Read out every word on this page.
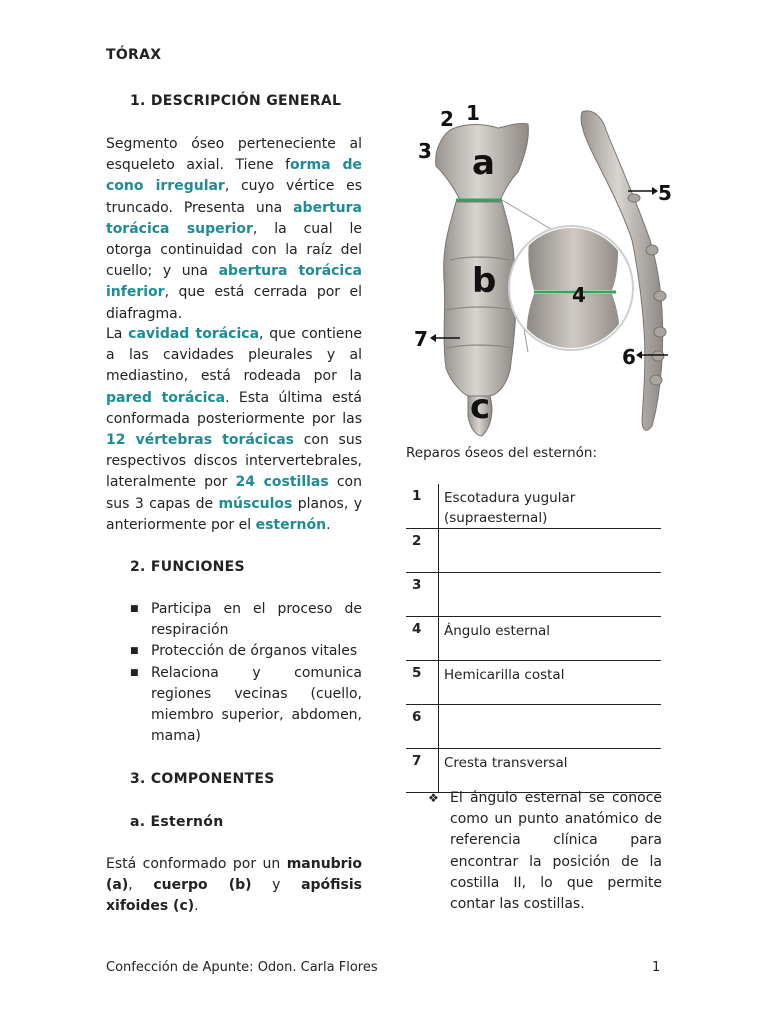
TÓRAX
1. DESCRIPCIÓN GENERAL
Segmento óseo perteneciente al esqueleto axial. Tiene forma de cono irregular, cuyo vértice es truncado. Presenta una abertura torácica superior, la cual le otorga continuidad con la raíz del cuello; y una abertura torácica inferior, que está cerrada por el diafragma.
La cavidad torácica, que contiene a las cavidades pleurales y al mediastino, está rodeada por la pared torácica. Esta última está conformada posteriormente por las 12 vértebras torácicas con sus respectivos discos intervertebrales, lateralmente por 24 costillas con sus 3 capas de músculos planos, y anteriormente por el esternón.
2. FUNCIONES
■ Participa en el proceso de respiración
■ Protección de órganos vitales
■ Relaciona y comunica regiones vecinas (cuello, miembro superior, abdomen, mama)
3. COMPONENTES
a. Esternón
Está conformado por un manubrio (a), cuerpo (b) y apófisis xifoides (c).
1
2
3 a
b
c
4
5
6
7
Reparos óseos del esternón:
1	Escotadura yugular (supraesternal)
2	
3	
4	Ángulo esternal
5	Hemicarilla costal
6	
7	Cresta transversal
❖ El ángulo esternal se conoce como un punto anatómico de referencia clínica para encontrar la posición de la costilla II, lo que permite contar las costillas.
Confección de Apunte: Odon. Carla Flores	1
